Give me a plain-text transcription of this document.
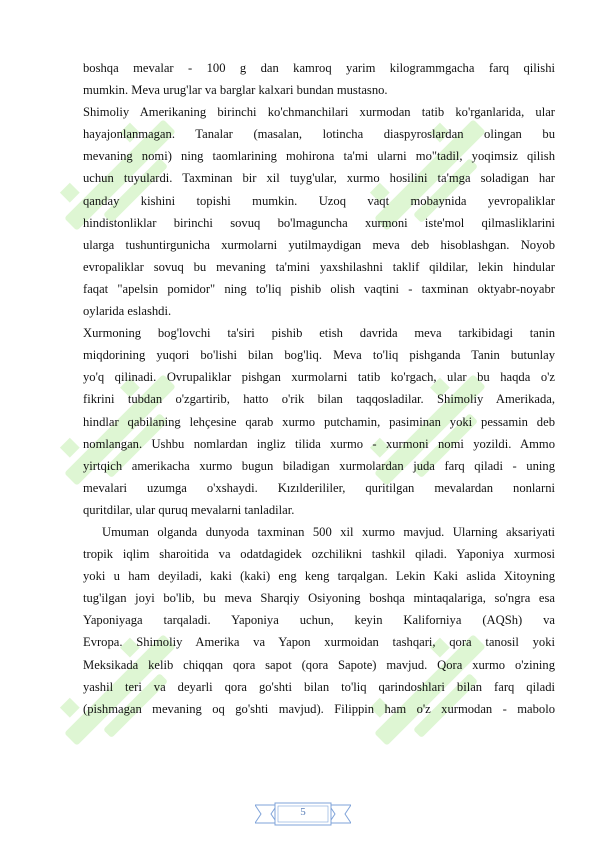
boshqa mevalar - 100 g dan kamroq yarim kilogrammgacha farq qilishi
mumkin. Meva urug'lar va barglar kalxari bundan mustasno.
Shimoliy Amerikaning birinchi ko'chmanchilari xurmodan tatib ko'rganlarida, ular
hayajonlanmagan. Tanalar (masalan, lotincha diaspyroslardan olingan bu
mevaning nomi) ning taomlarining mohirona ta'mi ularni mo"tadil, yoqimsiz qilish
uchun tuyulardi. Taxminan bir xil tuyg'ular, xurmo hosilini ta'mga soladigan har
qanday kishini topishi mumkin. Uzoq vaqt mobaynida yevropaliklar
hindistonliklar birinchi sovuq bo'lmaguncha xurmoni iste'mol qilmasliklarini
ularga tushuntirgunicha xurmolarni yutilmaydigan meva deb hisoblashgan. Noyob
evropaliklar sovuq bu mevaning ta'mini yaxshilashni taklif qildilar, lekin hindular
faqat "apelsin pomidor" ning to'liq pishib olish vaqtini - taxminan oktyabr-noyabr
oylarida eslashdi.
Xurmoning bog'lovchi ta'siri pishib etish davrida meva tarkibidagi tanin
miqdorining yuqori bo'lishi bilan bog'liq. Meva to'liq pishganda Tanin butunlay
yo'q qilinadi. Ovrupaliklar pishgan xurmolarni tatib ko'rgach, ular bu haqda o'z
fikrini tubdan o'zgartirib, hatto o'rik bilan taqqosladilar. Shimoliy Amerikada,
hindlar qabilaning lehçesine qarab xurmo putchamin, pasiminan yoki pessamin deb
nomlangan. Ushbu nomlardan ingliz tilida xurmo - xurmoni nomi yozildi. Ammo
yirtqich amerikacha xurmo bugun biladigan xurmolardan juda farq qiladi - uning
mevalari uzumga o'xshaydi. Kızılderililer, quritilgan mevalardan nonlarni
quritdilar, ular quruq mevalarni tanladilar.
Umuman olganda dunyoda taxminan 500 xil xurmo mavjud. Ularning aksariyati
tropik iqlim sharoitida va odatdagidek ozchilikni tashkil qiladi. Yaponiya xurmosi
yoki u ham deyiladi, kaki (kaki) eng keng tarqalgan. Lekin Kaki aslida Xitoyning
tug'ilgan joyi bo'lib, bu meva Sharqiy Osiyoning boshqa mintaqalariga, so'ngra esa
Yaponiyaga tarqaladi. Yaponiya uchun, keyin Kaliforniya (AQSh) va
Evropa. Shimoliy Amerika va Yapon xurmoidan tashqari, qora tanosil yoki
Meksikada kelib chiqqan qora sapot (qora Sapote) mavjud. Qora xurmo o'zining
yashil teri va deyarli qora go'shti bilan to'liq qarindoshlari bilan farq qiladi
(pishmagan mevaning oq go'shti mavjud). Filippin ham o'z xurmodan - mabolo
5
